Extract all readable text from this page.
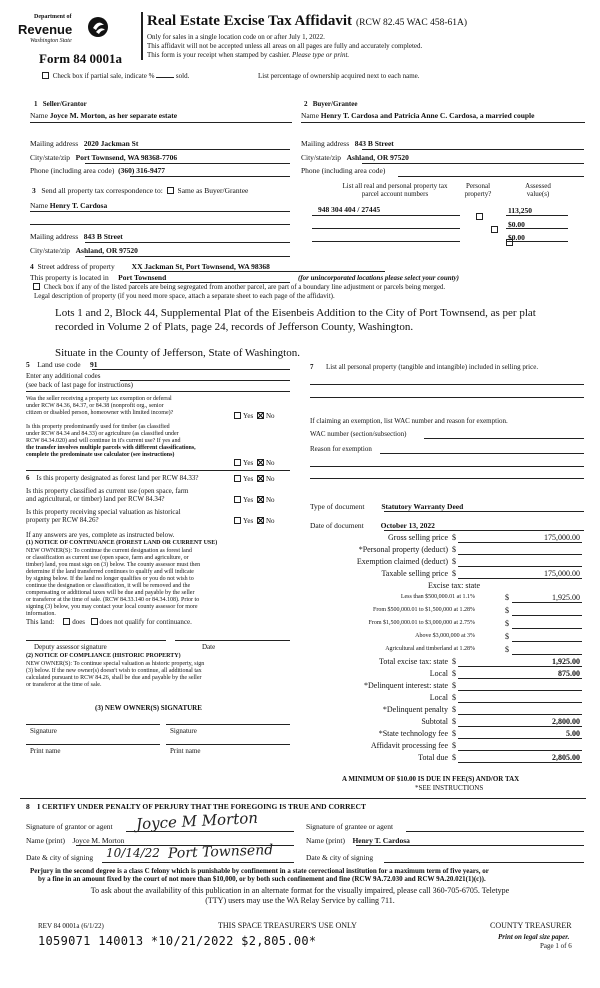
Department of
Revenue
Washington State
Form 84 0001a
Real Estate Excise Tax Affidavit (RCW 82.45 WAC 458-61A)
Only for sales in a single location code on or after July 1, 2022.
This affidavit will not be accepted unless all areas on all pages are fully and accurately completed.
This form is your receipt when stamped by cashier. Please type or print.
Check box if partial sale, indicate %	sold.	List percentage of ownership acquired next to each name.
1 Seller/Grantor
Name Joyce M. Morton, as her separate estate
2 Buyer/Grantee
Name Henry T. Cardosa and Patricia Anne C. Cardosa, a married couple
Mailing address 2020 Jackman St
City/state/zip Port Townsend, WA 98368-7706
Phone (including area code) (360) 316-9477
Mailing address 843 B Street
City/state/zip Ashland, OR 97520
Phone (including area code)
List all real and personal property tax parcel account numbers
Personal property?
Assessed value(s)
948 304 404 / 27445
	113,250
$0.00
$0.00
3 Send all property tax correspondence to: Same as Buyer/Grantee
Name Henry T. Cardosa
Mailing address 843 B Street
City/state/zip Ashland, OR 97520
4 Street address of property XX Jackman St, Port Townsend, WA 98368
This property is located in Port Townsend	(for unincorporated locations please select your county)
Check box if any of the listed parcels are being segregated from another parcel, are part of a boundary line adjustment or parcels being merged.
Legal description of property (if you need more space, attach a separate sheet to each page of the affidavit).
Lots 1 and 2, Block 44, Supplemental Plat of the Eisenbeis Addition to the City of Port Townsend, as per plat
recorded in Volume 2 of Plats, page 24, records of Jefferson County, Washington.
Situate in the County of Jefferson, State of Washington.
5 Land use code 91
Enter any additional codes
(see back of last page for instructions)
Was the seller receiving a property tax exemption or deferral
under RCW 84.36, 84.37, or 84.38 (nonprofit org., senior
citizen or disabled person, homeowner with limited income)?	Yes No
Is this property predominantly used for timber (as classified
under RCW 84.34 and 84.33) or agriculture (as classified under
RCW 84.34.020) and will continue in it's current use? If yes and
the transfer involves multiple parcels with different classifications,
complete the predominate use calculator (see instructions)
Yes No
6 Is this property designated as forest land per RCW 84.33?	Yes No
Is this property classified as current use (open space, farm
and agricultural, or timber) land per RCW 84.34?	Yes No
Is this property receiving special valuation as historical
property per RCW 84.26?	Yes No
If any answers are yes, complete as instructed below.
(1) NOTICE OF CONTINUANCE (FOREST LAND OR CURRENT USE)
NEW OWNER(S): To continue the current designation as forest land
or classification as current use (open space, farm and agriculture, or
timber) land, you must sign on (3) below. The county assessor must then
determine if the land transferred continues to qualify and will indicate
by signing below. If the land no longer qualifies or you do not wish to
continue the designation or classification, it will be removed and the
compensating or additional taxes will be due and payable by the seller
or transferor at the time of sale. (RCW 84.33.140 or 84.34.108). Prior to
signing (3) below, you may contact your local county assessor for more
information.
This land:	does does not qualify for continuance.
Deputy assessor signature	Date
(2) NOTICE OF COMPLIANCE (HISTORIC PROPERTY)
NEW OWNER(S): To continue special valuation as historic property, sign
(3) below. If the new owner(s) doesn't wish to continue, all additional tax
calculated pursuant to RCW 84.26, shall be due and payable by the seller
or transferor at the time of sale.
(3) NEW OWNER(S) SIGNATURE
Signature	Signature
Print name	Print name
7	List all personal property (tangible and intangible) included in selling price.
If claiming an exemption, list WAC number and reason for exemption.
WAC number (section/subsection)
Reason for exemption
Type of document Statutory Warranty Deed
Date of document October 13, 2022
Gross selling price $	175,000.00
*Personal property (deduct) $
Exemption claimed (deduct) $
Taxable selling price $	175,000.00
Excise tax: state
Less than $500,000.01 at 1.1%	$	1,925.00
From $500,000.01 to $1,500,000 at 1.28%	$
From $1,500,000.01 to $3,000,000 at 2.75%	$
Above $3,000,000 at 3%	$
Agricultural and timberland at 1.28%	$
Total excise tax: state $	1,925.00
Local $	875.00
*Delinquent interest: state $
Local $
*Delinquent penalty $
Subtotal $	2,800.00
*State technology fee $	5.00
Affidavit processing fee $
Total due $	2,805.00
A MINIMUM OF $10.00 IS DUE IN FEE(S) AND/OR TAX
*SEE INSTRUCTIONS
8 I CERTIFY UNDER PENALTY OF PERJURY THAT THE FOREGOING IS TRUE AND CORRECT
Signature of grantor or agent Joyce M Morton	Signature of grantee or agent
Name (print) Joyce M. Morton	Name (print) Henry T. Cardosa
Date & city of signing 10/14/22 Port Townsend	Date & city of signing
Perjury in the second degree is a class C felony which is punishable by confinement in a state correctional institution for a maximum term of five years, or
by a fine in an amount fixed by the court of not more than $10,000, or by both such confinement and fine (RCW 9A.72.030 and RCW 9A.20.021(1)(c)).
To ask about the availability of this publication in an alternate format for the visually impaired, please call 360-705-6705. Teletype
(TTY) users may use the WA Relay Service by calling 711.
REV 84 0001a (6/1/22)	THIS SPACE TREASURER'S USE ONLY	COUNTY TREASURER
1059071 140013 *10/21/2022 $2,805.00*	Print on legal size paper.
Page 1 of 6
